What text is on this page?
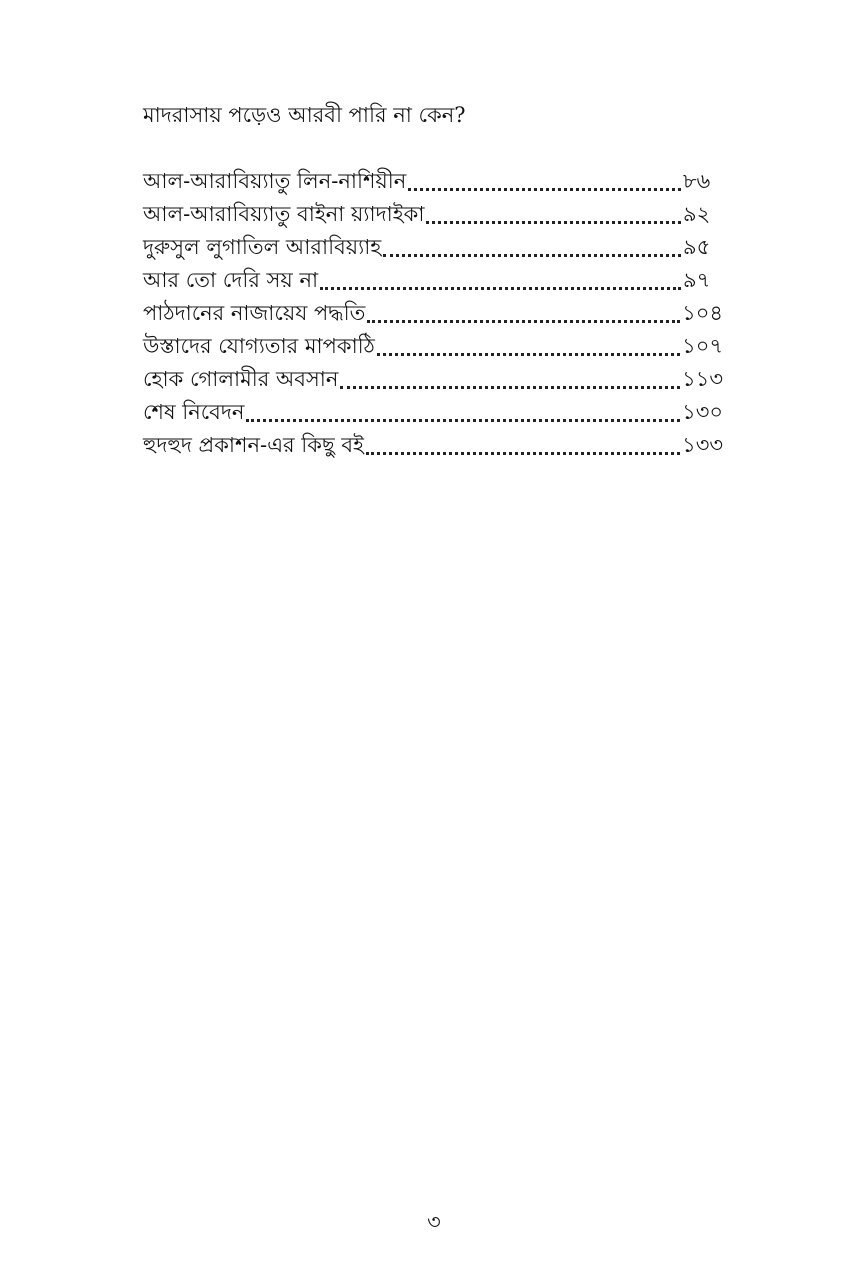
মাদরাসায় পড়েও আরবী পারি না কেন?
আল-আরাবিয়্যাতু লিন-নাশিয়ীন	৮৬
আল-আরাবিয়্যাতু বাইনা য়্যাদাইকা	৯২
দুরুসুল লুগাতিল আরাবিয়্যাহ	৯৫
আর তো দেরি সয় না	৯৭
পাঠদানের নাজায়েয পদ্ধতি	১০৪
উস্তাদের যোগ্যতার মাপকাঠি	১০৭
হোক গোলামীর অবসান	১১৩
শেষ নিবেদন	১৩০
হুদহুদ প্রকাশন-এর কিছু বই	১৩৩
৩
